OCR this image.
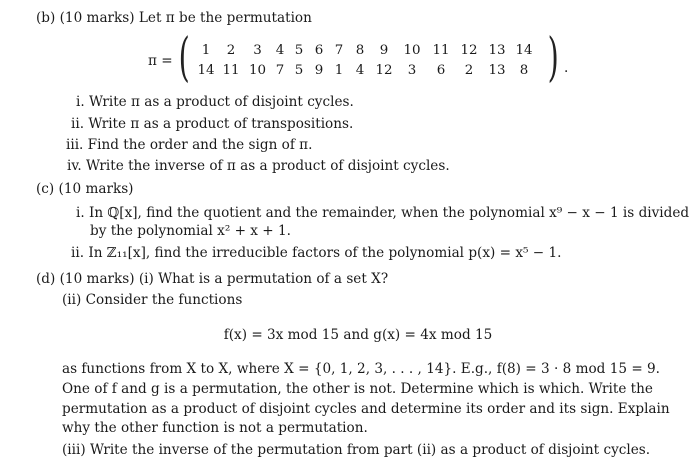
(b) (10 marks) Let π be the permutation
π = ( 1	2	3	4 5 6 7 8	9	10 11 12 13 14
14 11 10 7 5 9 1 4 12	3	6	2	13	8 ) .
i. Write π as a product of disjoint cycles.
ii. Write π as a product of transpositions.
iii. Find the order and the sign of π.
iv. Write the inverse of π as a product of disjoint cycles.
(c) (10 marks)
i. In ℚ[x], find the quotient and the remainder, when the polynomial x⁹ − x − 1 is divided
by the polynomial x² + x + 1.
ii. In ℤ₁₁[x], find the irreducible factors of the polynomial p(x) = x⁵ − 1.
(d) (10 marks) (i) What is a permutation of a set X?
(ii) Consider the functions
f(x) = 3x mod 15 and g(x) = 4x mod 15
as functions from X to X, where X = {0, 1, 2, 3, . . . , 14}. E.g., f(8) = 3 · 8 mod 15 = 9.
One of f and g is a permutation, the other is not. Determine which is which. Write the
permutation as a product of disjoint cycles and determine its order and its sign. Explain
why the other function is not a permutation.
(iii) Write the inverse of the permutation from part (ii) as a product of disjoint cycles.
